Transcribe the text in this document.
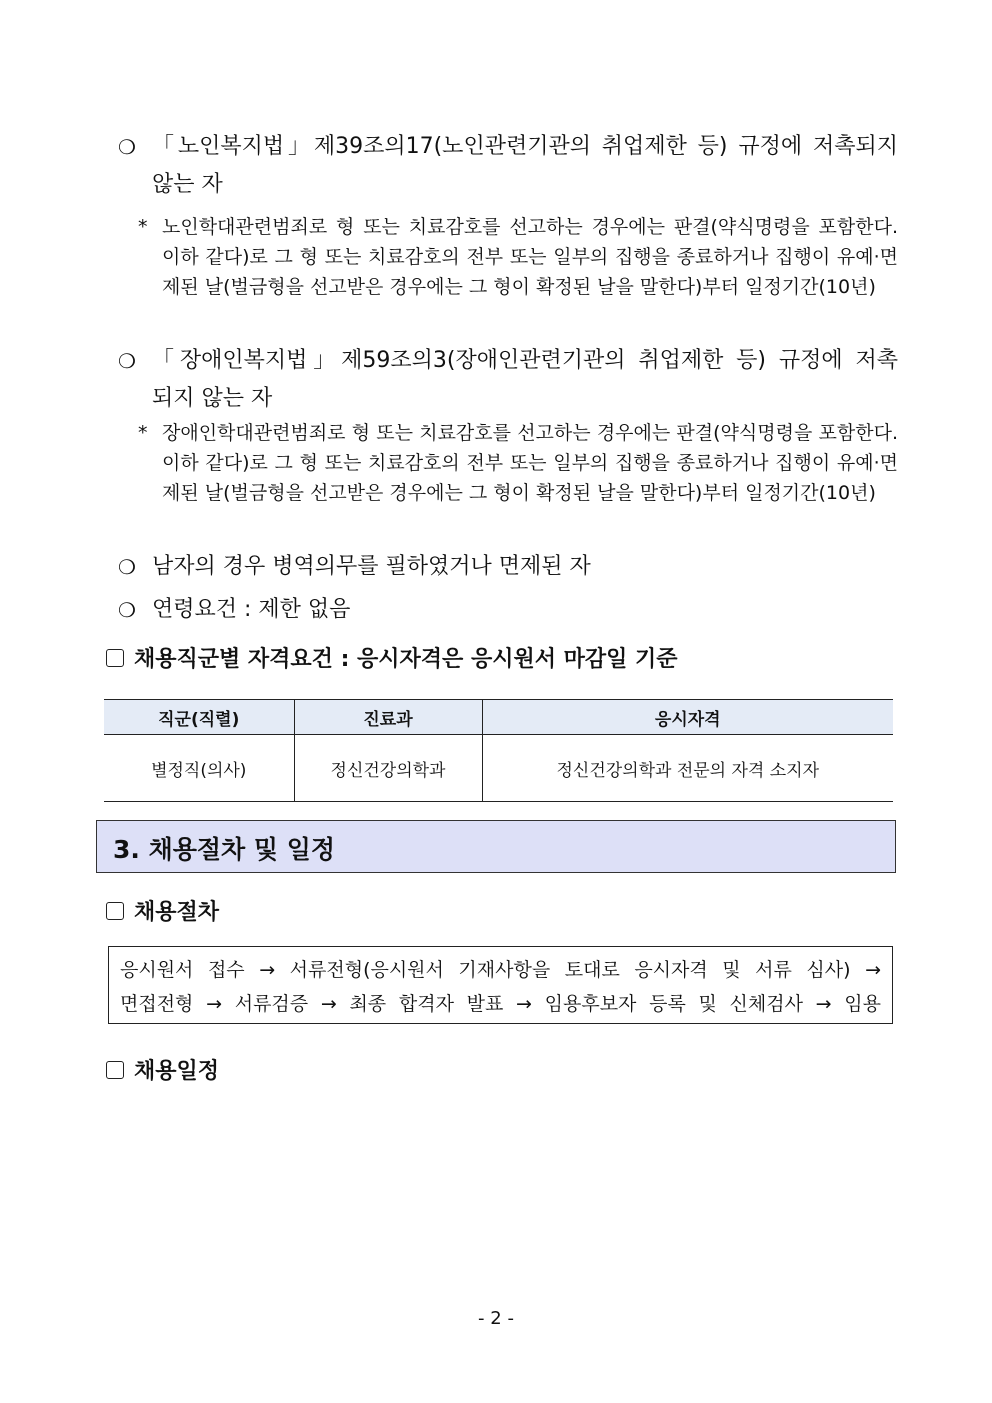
❍ 「노인복지법」제39조의17(노인관련기관의 취업제한 등) 규정에 저촉되지
않는 자
* 노인학대관련범죄로 형 또는 치료감호를 선고하는 경우에는 판결(약식명령을 포함한다. 이하 같다)로 그 형 또는 치료감호의 전부 또는 일부의 집행을 종료하거나 집행이 유예·면제된 날(벌금형을 선고받은 경우에는 그 형이 확정된 날을 말한다)부터 일정기간(10년)
❍ 「장애인복지법」제59조의3(장애인관련기관의 취업제한 등) 규정에 저촉
되지 않는 자
* 장애인학대관련범죄로 형 또는 치료감호를 선고하는 경우에는 판결(약식명령을 포함한다. 이하 같다)로 그 형 또는 치료감호의 전부 또는 일부의 집행을 종료하거나 집행이 유예·면제된 날(벌금형을 선고받은 경우에는 그 형이 확정된 날을 말한다)부터 일정기간(10년)
❍ 남자의 경우 병역의무를 필하였거나 면제된 자
❍ 연령요건 : 제한 없음
채용직군별 자격요건 : 응시자격은 응시원서 마감일 기준
직군(직렬)	진료과	응시자격
별정직(의사)	정신건강의학과	정신건강의학과 전문의 자격 소지자
3. 채용절차 및 일정
채용절차
응시원서 접수 → 서류전형(응시원서 기재사항을 토대로 응시자격 및 서류 심사) →
면접전형 → 서류검증 → 최종 합격자 발표 → 임용후보자 등록 및 신체검사 → 임용
채용일정
- 2 -
